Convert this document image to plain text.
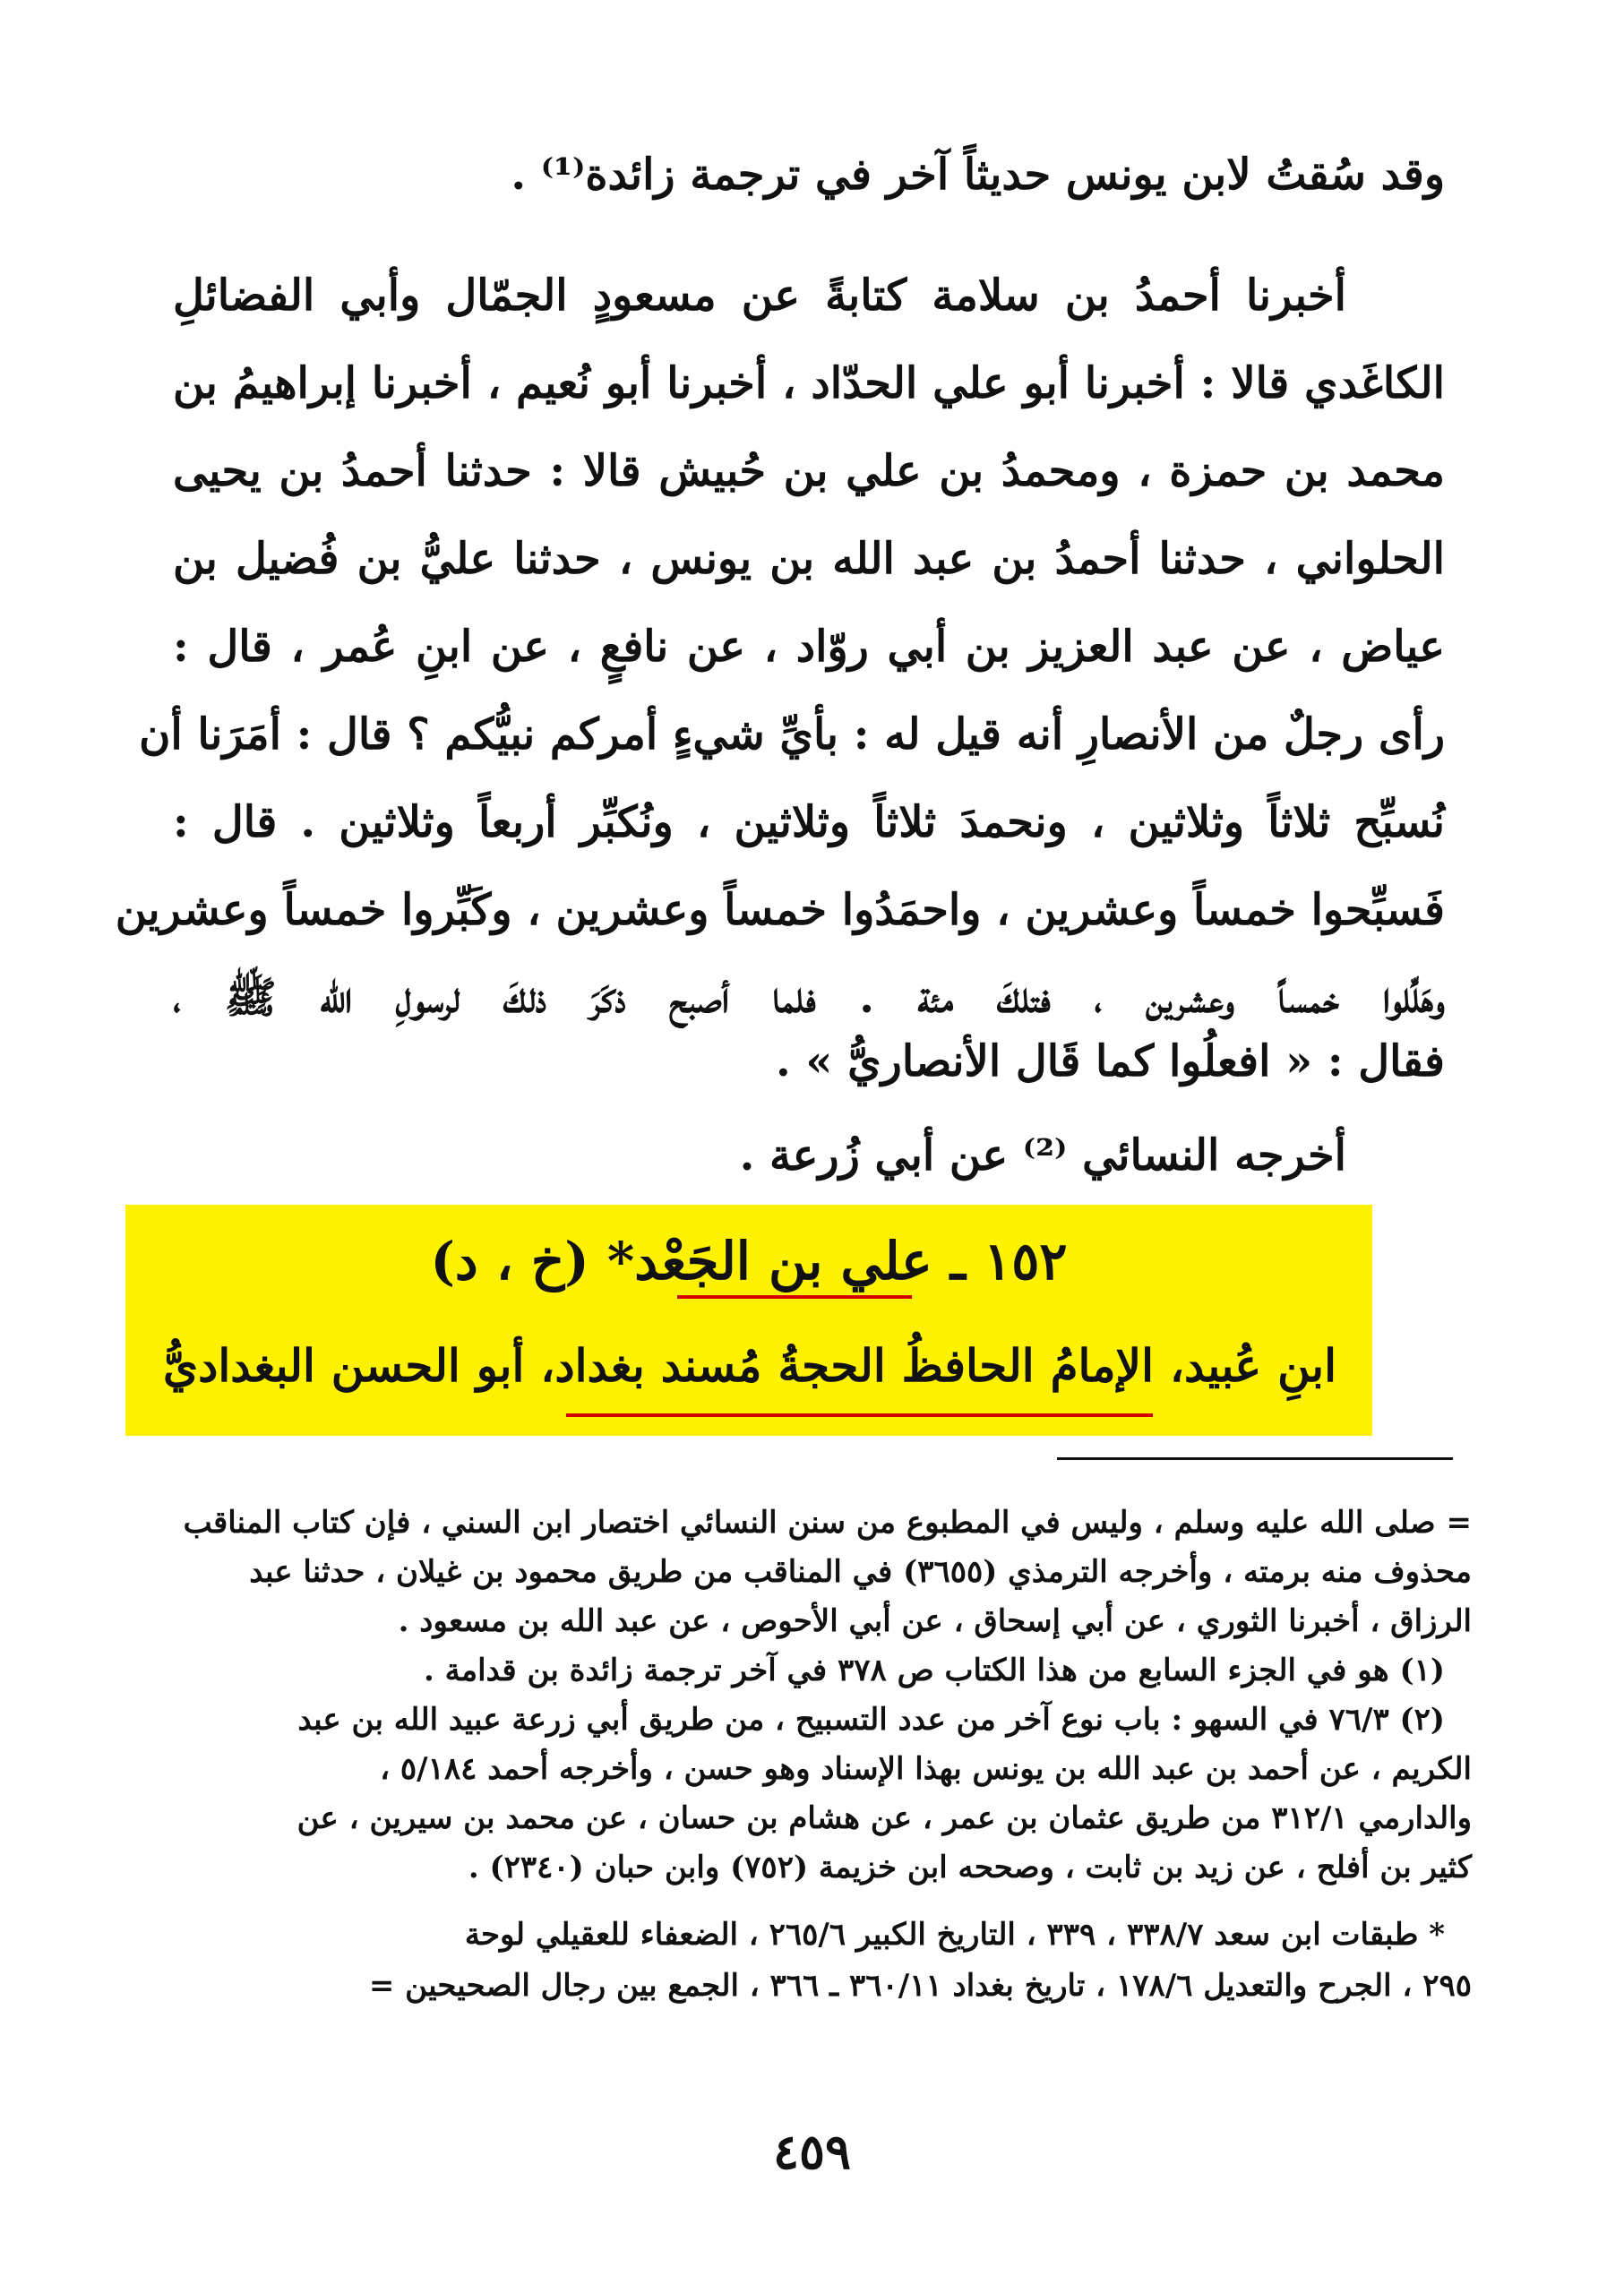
وقد سُقتُ لابن يونس حديثاً آخر في ترجمة زائدة⁽¹⁾ .
أخبرنا أحمدُ بن سلامة كتابةً عن مسعودٍ الجمّال وأبي الفضائلِ
الكاغَدي قالا : أخبرنا أبو علي الحدّاد ، أخبرنا أبو نُعيم ، أخبرنا إبراهيمُ بن
محمد بن حمزة ، ومحمدُ بن علي بن حُبيش قالا : حدثنا أحمدُ بن يحيى
الحلواني ، حدثنا أحمدُ بن عبد الله بن يونس ، حدثنا عليُّ بن فُضيل بن
عياض ، عن عبد العزيز بن أبي روّاد ، عن نافعٍ ، عن ابنِ عُمر ، قال :
رأى رجلٌ من الأنصارِ أنه قيل له : بأيِّ شيءٍ أمركم نبيُّكم ؟ قال : أمَرَنا أن
نُسبِّح ثلاثاً وثلاثين ، ونحمدَ ثلاثاً وثلاثين ، ونُكبِّر أربعاً وثلاثين . قال :
فَسبِّحوا خمساً وعشرين ، واحمَدُوا خمساً وعشرين ، وكَبِّروا خمساً وعشرين
وهَلِّلوا خمساً وعشرين ، فتلكَ مئة . فلما أصبح ذكَرَ ذلكَ لرسولِ الله ﷺ ،
فقال : « افعلُوا كما قَال الأنصاريُّ » .
أخرجه النسائي ⁽²⁾ عن أبي زُرعة .
١٥٢ ـ علي بن الجَعْد* (خ ، د)
ابنِ عُبيد، الإمامُ الحافظُ الحجةُ مُسند بغداد، أبو الحسن البغداديُّ
= صلى الله عليه وسلم ، وليس في المطبوع من سنن النسائي اختصار ابن السني ، فإن كتاب المناقب
محذوف منه برمته ، وأخرجه الترمذي (٣٦٥٥) في المناقب من طريق محمود بن غيلان ، حدثنا عبد
الرزاق ، أخبرنا الثوري ، عن أبي إسحاق ، عن أبي الأحوص ، عن عبد الله بن مسعود .
(١) هو في الجزء السابع من هذا الكتاب ص ٣٧٨ في آخر ترجمة زائدة بن قدامة .
(٢) ٧٦/٣ في السهو : باب نوع آخر من عدد التسبيح ، من طريق أبي زرعة عبيد الله بن عبد
الكريم ، عن أحمد بن عبد الله بن يونس بهذا الإسناد وهو حسن ، وأخرجه أحمد ٥/١٨٤ ،
والدارمي ٣١٢/١ من طريق عثمان بن عمر ، عن هشام بن حسان ، عن محمد بن سيرين ، عن
كثير بن أفلح ، عن زيد بن ثابت ، وصححه ابن خزيمة (٧٥٢) وابن حبان (٢٣٤٠) .
* طبقات ابن سعد ٣٣٨/٧ ، ٣٣٩ ، التاريخ الكبير ٢٦٥/٦ ، الضعفاء للعقيلي لوحة
٢٩٥ ، الجرح والتعديل ١٧٨/٦ ، تاريخ بغداد ٣٦٠/١١ ـ ٣٦٦ ، الجمع بين رجال الصحيحين =
٤٥٩
